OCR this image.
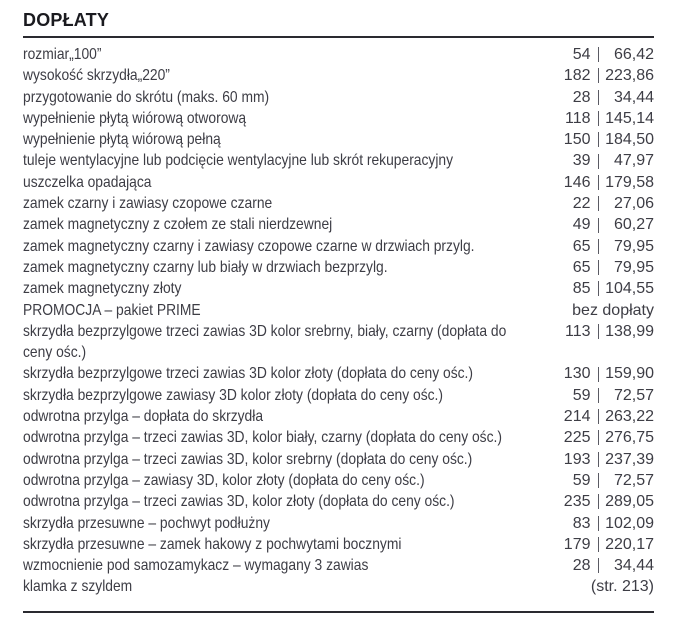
DOPŁATY
rozmiar„100”	54	66,42
wysokość skrzydła„220”	182 223,86
przygotowanie do skrótu (maks. 60 mm)	28	34,44
wypełnienie płytą wiórową otworową	118 145,14
wypełnienie płytą wiórową pełną	150 184,50
tuleje wentylacyjne lub podcięcie wentylacyjne lub skrót rekuperacyjny	39	47,97
uszczelka opadająca	146 179,58
zamek czarny i zawiasy czopowe czarne	22	27,06
zamek magnetyczny z czołem ze stali nierdzewnej	49	60,27
zamek magnetyczny czarny i zawiasy czopowe czarne w drzwiach przylg.	65	79,95
zamek magnetyczny czarny lub biały w drzwiach bezprzylg.	65	79,95
zamek magnetyczny złoty	85 104,55
PROMOCJA – pakiet PRIME	bez dopłaty
skrzydła bezprzylgowe trzeci zawias 3D kolor srebrny, biały, czarny (dopłata do ceny ośc.)
113 138,99
skrzydła bezprzylgowe trzeci zawias 3D kolor złoty (dopłata do ceny ośc.)	130 159,90
skrzydła bezprzylgowe zawiasy 3D kolor złoty (dopłata do ceny ośc.)	59	72,57
odwrotna przylga – dopłata do skrzydła	214 263,22
odwrotna przylga – trzeci zawias 3D, kolor biały, czarny (dopłata do ceny ośc.)	225 276,75
odwrotna przylga – trzeci zawias 3D, kolor srebrny (dopłata do ceny ośc.)	193 237,39
odwrotna przylga – zawiasy 3D, kolor złoty (dopłata do ceny ośc.)	59	72,57
odwrotna przylga – trzeci zawias 3D, kolor złoty (dopłata do ceny ośc.)	235 289,05
skrzydła przesuwne – pochwyt podłużny	83 102,09
skrzydła przesuwne – zamek hakowy z pochwytami bocznymi	179 220,17
wzmocnienie pod samozamykacz – wymagany 3 zawias	28	34,44
klamka z szyldem	(str. 213)
